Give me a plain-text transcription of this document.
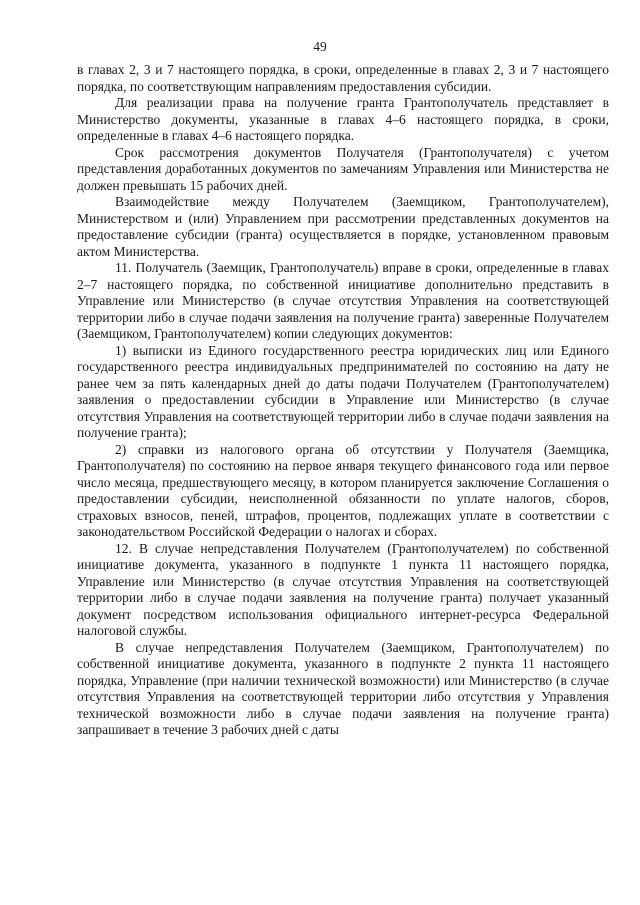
49

в главах 2, 3 и 7 настоящего порядка, в сроки, определенные в главах 2, 3 и 7 настоящего порядка, по соответствующим направлениям предоставления субсидии.

Для реализации права на получение гранта Грантополучатель представляет в Министерство документы, указанные в главах 4–6 настоящего порядка, в сроки, определенные в главах 4–6 настоящего порядка.

Срок рассмотрения документов Получателя (Грантополучателя) с учетом представления доработанных документов по замечаниям Управления или Министерства не должен превышать 15 рабочих дней.

Взаимодействие между Получателем (Заемщиком, Грантополучателем), Министерством и (или) Управлением при рассмотрении представленных документов на предоставление субсидии (гранта) осуществляется в порядке, установленном правовым актом Министерства.

11. Получатель (Заемщик, Грантополучатель) вправе в сроки, определенные в главах 2–7 настоящего порядка, по собственной инициативе дополнительно представить в Управление или Министерство (в случае отсутствия Управления на соответствующей территории либо в случае подачи заявления на получение гранта) заверенные Получателем (Заемщиком, Грантополучателем) копии следующих документов:

1) выписки из Единого государственного реестра юридических лиц или Единого государственного реестра индивидуальных предпринимателей по состоянию на дату не ранее чем за пять календарных дней до даты подачи Получателем (Грантополучателем) заявления о предоставлении субсидии в Управление или Министерство (в случае отсутствия Управления на соответствующей территории либо в случае подачи заявления на получение гранта);

2) справки из налогового органа об отсутствии у Получателя (Заемщика, Грантополучателя) по состоянию на первое января текущего финансового года или первое число месяца, предшествующего месяцу, в котором планируется заключение Соглашения о предоставлении субсидии, неисполненной обязанности по уплате налогов, сборов, страховых взносов, пеней, штрафов, процентов, подлежащих уплате в соответствии с законодательством Российской Федерации о налогах и сборах.

12. В случае непредставления Получателем (Грантополучателем) по собственной инициативе документа, указанного в подпункте 1 пункта 11 настоящего порядка, Управление или Министерство (в случае отсутствия Управления на соответствующей территории либо в случае подачи заявления на получение гранта) получает указанный документ посредством использования официального интернет-ресурса Федеральной налоговой службы.

В случае непредставления Получателем (Заемщиком, Грантополучателем) по собственной инициативе документа, указанного в подпункте 2 пункта 11 настоящего порядка, Управление (при наличии технической возможности) или Министерство (в случае отсутствия Управления на соответствующей территории либо отсутствия у Управления технической возможности либо в случае подачи заявления на получение гранта) запрашивает в течение 3 рабочих дней с даты
